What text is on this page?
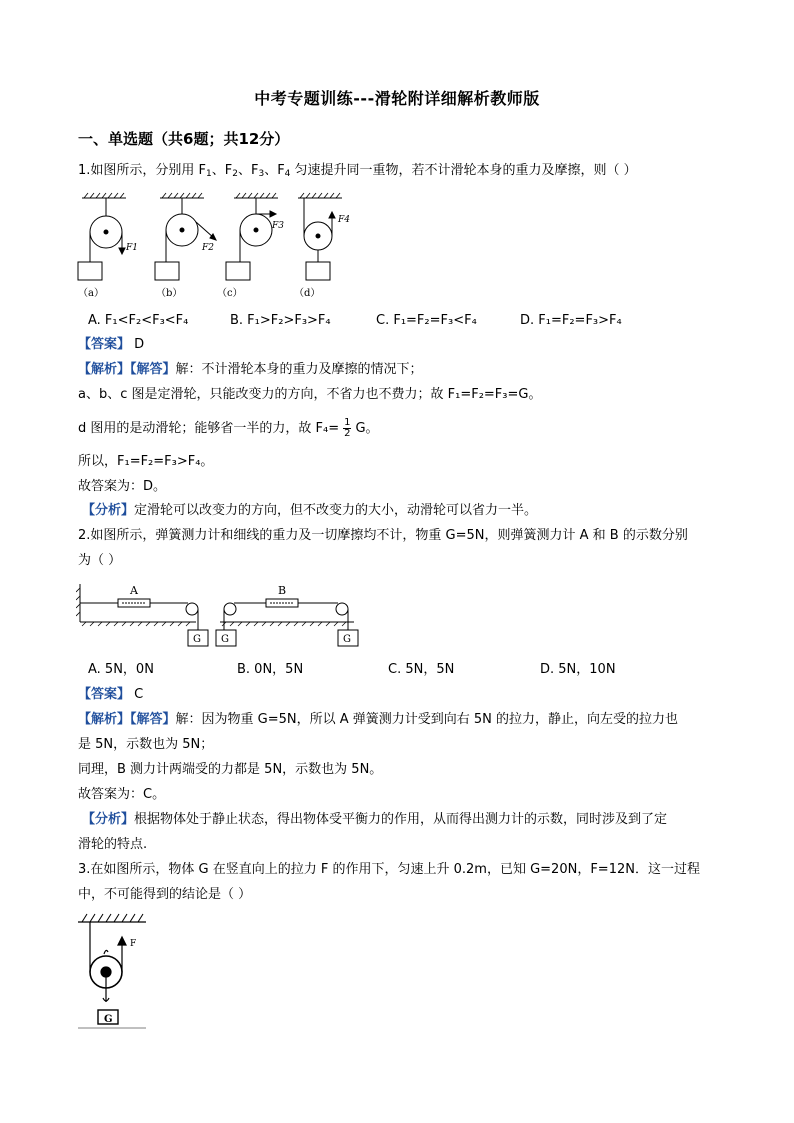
中考专题训练---滑轮附详细解析教师版
一、单选题（共6题；共12分）
1.如图所示，分别用 $F_1$、$F_2$、$F_3$、$F_4$ 匀速提升同一重物，若不计滑轮本身的重力及摩擦，则（ ）
F1	F2
F3
F4
（a）	（b）	（c）	（d）
A. F₁<F₂<F₃<F₄	B. F₁>F₂>F₃>F₄	C. F₁=F₂=F₃<F₄	D. F₁=F₂=F₃>F₄
【答案】 D
【解析】【解答】解：不计滑轮本身的重力及摩擦的情况下；
a、b、c 图是定滑轮，只能改变力的方向，不省力也不费力；故 F₁=F₂=F₃=G。
d 图用的是动滑轮；能够省一半的力，故 $F_4= \frac{1}{2}$ G。
所以，F₁=F₂=F₃>F₄。
故答案为：D。
【分析】定滑轮可以改变力的方向，但不改变力的大小，动滑轮可以省力一半。
2.如图所示，弹簧测力计和细线的重力及一切摩擦均不计，物重 G=5N，则弹簧测力计 A 和 B 的示数分别
为（ ）
A	B
G G	G
A. 5N，0N	B. 0N，5N	C. 5N，5N	D. 5N，10N
【答案】 C
【解析】【解答】解：因为物重 G=5N，所以 A 弹簧测力计受到向右 5N 的拉力，静止，向左受的拉力也
是 5N，示数也为 5N；
同理，B 测力计两端受的力都是 5N，示数也为 5N。
故答案为：C。
【分析】根据物体处于静止状态，得出物体受平衡力的作用，从而得出测力计的示数，同时涉及到了定
滑轮的特点.
3.在如图所示，物体 G 在竖直向上的拉力 F 的作用下，匀速上升 0.2m，已知 G=20N，F=12N．这一过程
中，不可能得到的结论是（ ）
F
G
